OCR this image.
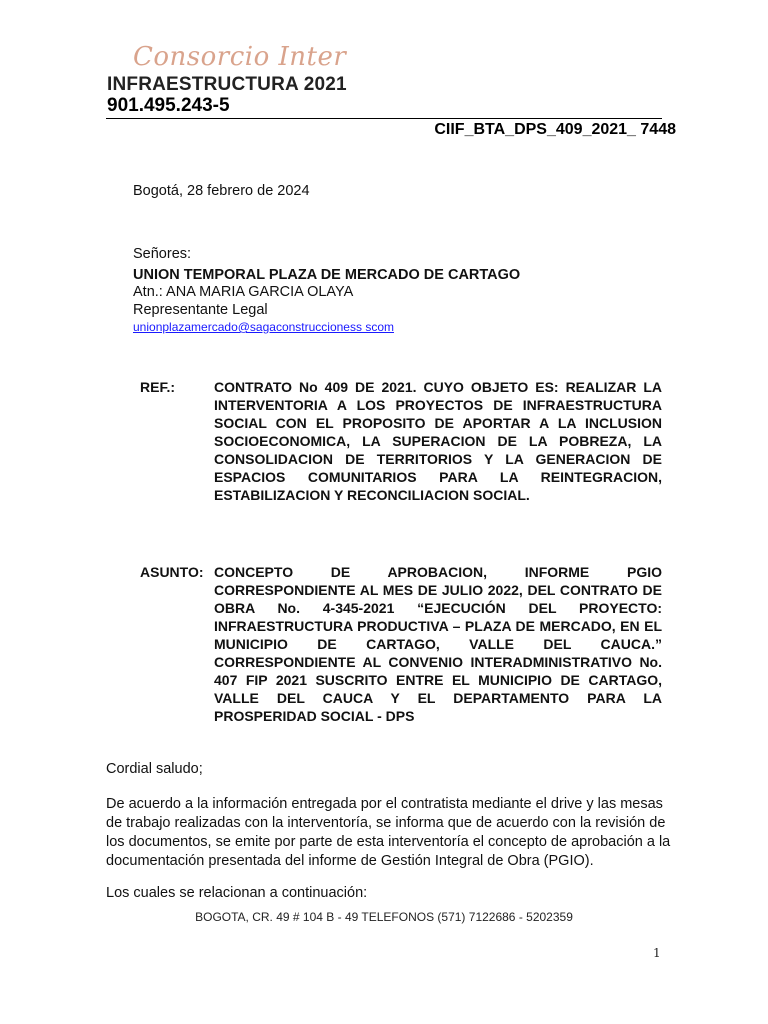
Consorcio Inter
INFRAESTRUCTURA 2021
901.495.243-5
CIIF_BTA_DPS_409_2021_ 7448
Bogotá, 28 febrero de 2024
Señores:
UNION TEMPORAL PLAZA DE MERCADO DE CARTAGO
Atn.: ANA MARIA GARCIA OLAYA
Representante Legal
unionplazamercado@sagaconstruccioness scom
REF.:	CONTRATO No 409 DE 2021. CUYO OBJETO ES: REALIZAR LA INTERVENTORIA A LOS PROYECTOS DE INFRAESTRUCTURA SOCIAL CON EL PROPOSITO DE APORTAR A LA INCLUSION SOCIOECONOMICA, LA SUPERACION DE LA POBREZA, LA CONSOLIDACION DE TERRITORIOS Y LA GENERACION DE ESPACIOS COMUNITARIOS PARA LA REINTEGRACION, ESTABILIZACION Y RECONCILIACION SOCIAL.
ASUNTO: CONCEPTO DE APROBACION, INFORME PGIO CORRESPONDIENTE AL MES DE JULIO 2022, DEL CONTRATO DE OBRA No. 4-345-2021 “EJECUCIÓN DEL PROYECTO: INFRAESTRUCTURA PRODUCTIVA – PLAZA DE MERCADO, EN EL MUNICIPIO DE CARTAGO, VALLE DEL CAUCA.” CORRESPONDIENTE AL CONVENIO INTERADMINISTRATIVO No. 407 FIP 2021 SUSCRITO ENTRE EL MUNICIPIO DE CARTAGO, VALLE DEL CAUCA Y EL DEPARTAMENTO PARA LA PROSPERIDAD SOCIAL - DPS
Cordial saludo;
De acuerdo a la información entregada por el contratista mediante el drive y las mesas de trabajo realizadas con la interventoría, se informa que de acuerdo con la revisión de los documentos, se emite por parte de esta interventoría el concepto de aprobación a la documentación presentada del informe de Gestión Integral de Obra (PGIO).
Los cuales se relacionan a continuación:
BOGOTA, CR. 49 # 104 B - 49 TELEFONOS (571) 7122686 - 5202359
1
